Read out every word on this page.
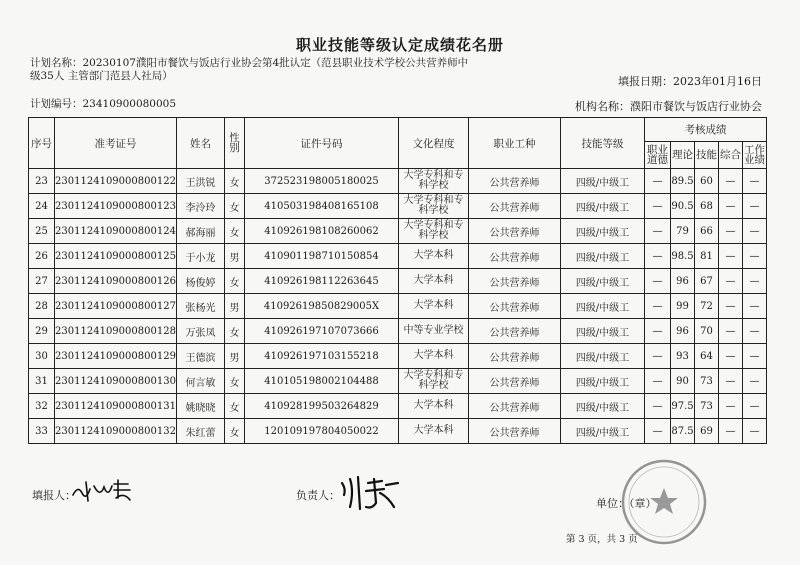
职业技能等级认定成绩花名册
计划名称：20230107濮阳市餐饮与饭店行业协会第4批认定（范县职业技术学校公共营养师中级35人 主管部门范县人社局）	填报日期：2023年01月16日
计划编号：23410900080005	机构名称：濮阳市餐饮与饭店行业协会
序号	准考证号	姓名	性别	证件号码	文化程度	职业工种	技能等级	考核成绩				
								职业道德	理论	技能	综合	工作业绩
23	2301124109000800122	王洪锐	女	372523198005180025	大学专科和专科学校	公共营养师	四级/中级工	—	89.5	60	—	—
24	2301124109000800123	李泠玲	女	410503198408165108	大学专科和专科学校	公共营养师	四级/中级工	—	90.5	68	—	—
25	2301124109000800124	郝海丽	女	410926198108260062	大学专科和专科学校	公共营养师	四级/中级工	—	79	66	—	—
26	2301124109000800125	于小龙	男	410901198710150854	大学本科	公共营养师	四级/中级工	—	98.5	81	—	—
27	2301124109000800126	杨俊婷	女	410926198112263645	大学本科	公共营养师	四级/中级工	—	96	67	—	—
28	2301124109000800127	张杨光	男	41092619850829005X	大学本科	公共营养师	四级/中级工	—	99	72	—	—
29	2301124109000800128	万张凤	女	410926197107073666	中等专业学校	公共营养师	四级/中级工	—	96	70	—	—
30	2301124109000800129	王德滨	男	410926197103155218	大学本科	公共营养师	四级/中级工	—	93	64	—	—
31	2301124109000800130	何言敏	女	410105198002104488	大学专科和专科学校	公共营养师	四级/中级工	—	90	73	—	—
32	2301124109000800131	姚晓晓	女	410928199503264829	大学本科	公共营养师	四级/中级工	—	97.5	73	—	—
33	2301124109000800132	朱红蕾	女	120109197804050022	大学本科	公共营养师	四级/中级工	—	87.5	69	—	—
填报人：	负责人：
单位：（章）
第 3 页，共 3 页
